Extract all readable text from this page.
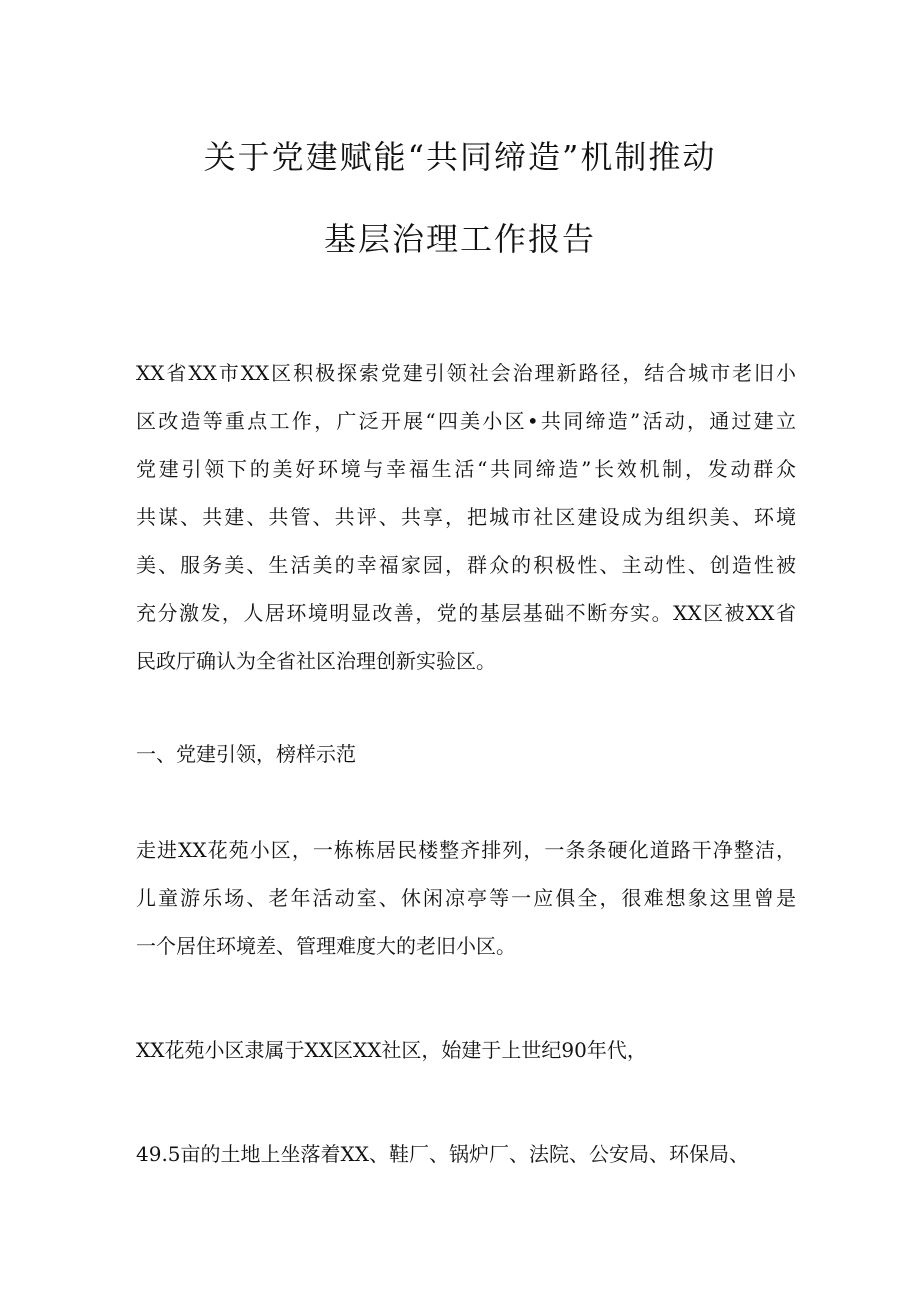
关于党建赋能“共同缔造”机制推动
基层治理工作报告

XX省XX市XX区积极探索党建引领社会治理新路径，结合城市老旧小

区改造等重点工作，广泛开展“四美小区•共同缔造”活动，通过建立

党建引领下的美好环境与幸福生活“共同缔造”长效机制，发动群众

共谋、共建、共管、共评、共享，把城市社区建设成为组织美、环境

美、服务美、生活美的幸福家园，群众的积极性、主动性、创造性被

充分激发，人居环境明显改善，党的基层基础不断夯实。XX区被XX省

民政厅确认为全省社区治理创新实验区。

一、党建引领，榜样示范

走进XX花苑小区，一栋栋居民楼整齐排列，一条条硬化道路干净整洁，

儿童游乐场、老年活动室、休闲凉亭等一应俱全，很难想象这里曾是

一个居住环境差、管理难度大的老旧小区。

XX花苑小区隶属于XX区XX社区，始建于上世纪90年代，

49.5亩的土地上坐落着XX、鞋厂、锅炉厂、法院、公安局、环保局、
